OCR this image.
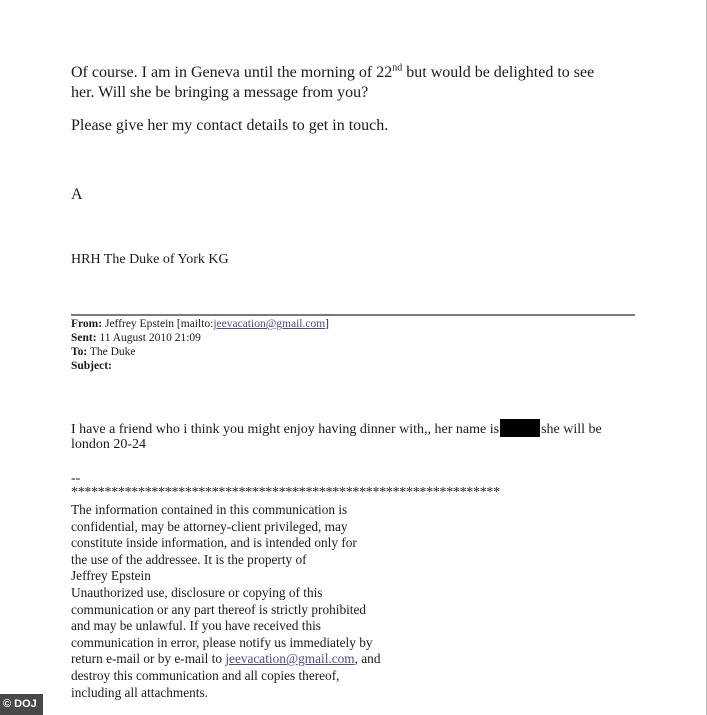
Of course. I am in Geneva until the morning of 22nd but would be delighted to see

her. Will she be bringing a message from you?

Please give her my contact details to get in touch.

A

HRH The Duke of York KG

From: Jeffrey Epstein [mailto:jeevacation@gmail.com]

Sent: 11 August 2010 21:09

To: The Duke

Subject:

I have a friend who i think you might enjoy having dinner with,, her name is	she will be

london 20-24

--

****************************************************************

The information contained in this communication is

confidential, may be attorney-client privileged, may

constitute inside information, and is intended only for

the use of the addressee. It is the property of

Jeffrey Epstein

Unauthorized use, disclosure or copying of this

communication or any part thereof is strictly prohibited

and may be unlawful. If you have received this

communication in error, please notify us immediately by

return e-mail or by e-mail to jeevacation@gmail.com, and

destroy this communication and all copies thereof,

including all attachments.

© DOJ
